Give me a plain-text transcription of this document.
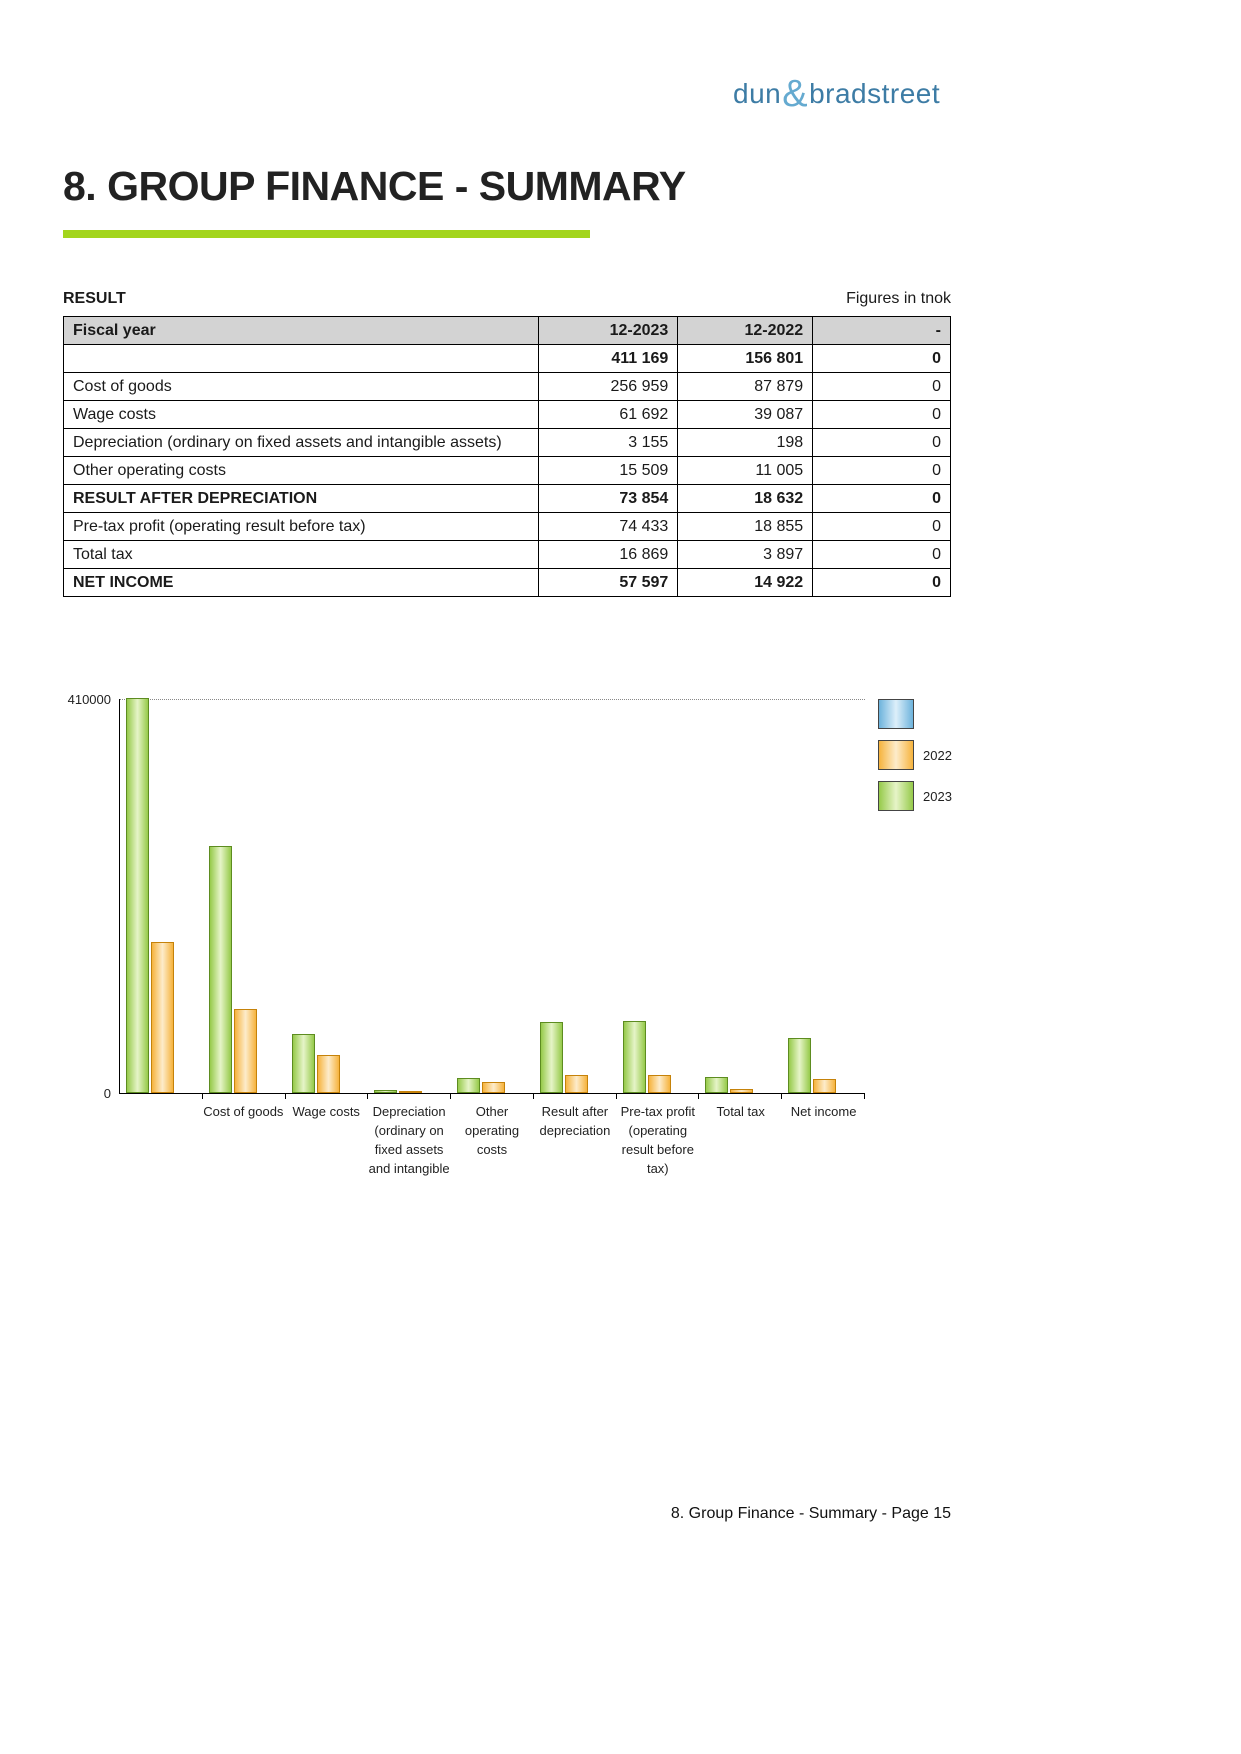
dun&bradstreet
8. GROUP FINANCE - SUMMARY
RESULT	Figures in tnok
Fiscal year	12-2023	12-2022	-
	411 169	156 801	0
Cost of goods	256 959	87 879	0
Wage costs	61 692	39 087	0
Depreciation (ordinary on fixed assets and intangible assets)	3 155	198	0
Other operating costs	15 509	11 005	0
RESULT AFTER DEPRECIATION	73 854	18 632	0
Pre-tax profit (operating result before tax)	74 433	18 855	0
Total tax	16 869	3 897	0
NET INCOME	57 597	14 922	0
410000
0
Cost of goods Wage costs Depreciation
(ordinary on
fixed assets
and intangible
Other
operating
costs
Result after
depreciation
Pre-tax profit
(operating
result before
tax)
Total tax	Net income
2022
2023
8. Group Finance - Summary - Page 15
